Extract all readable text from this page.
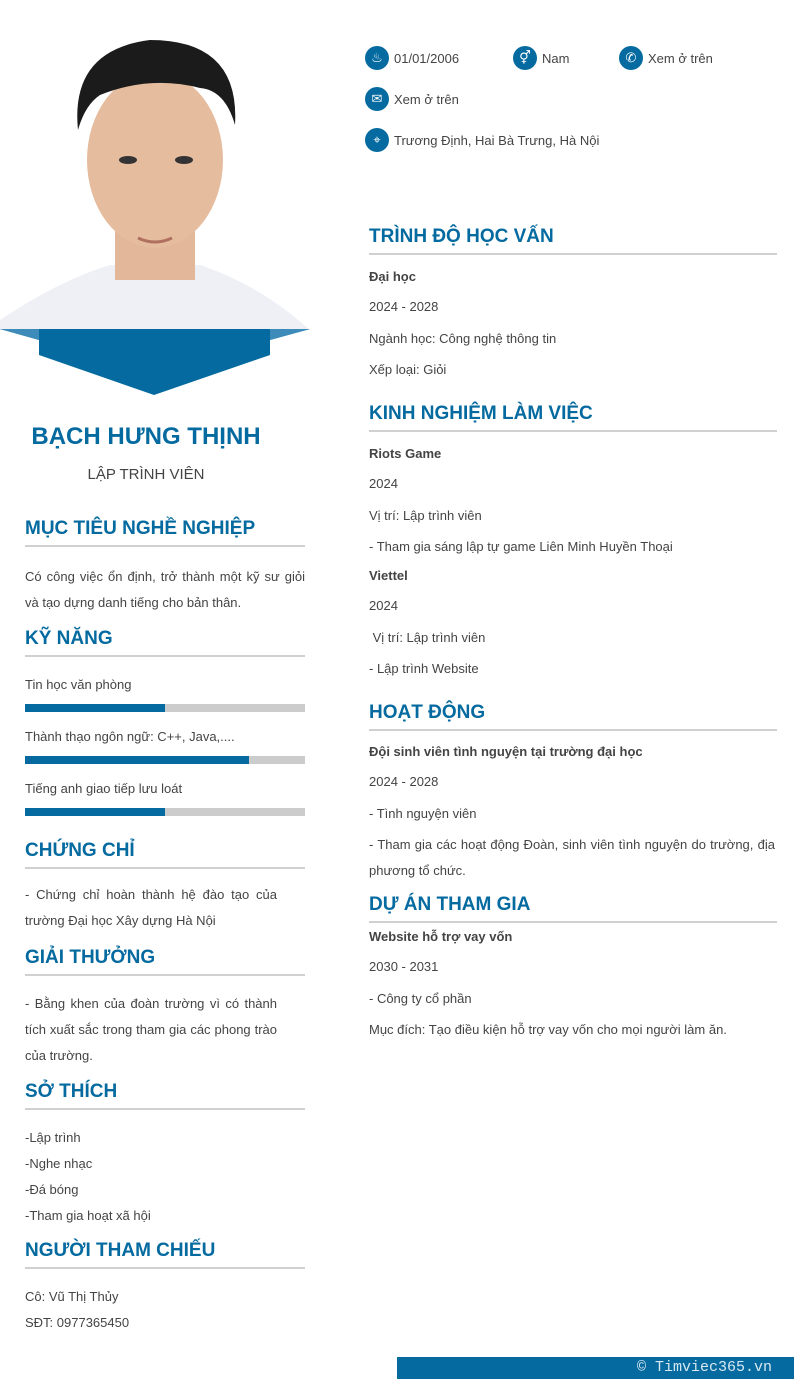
BẠCH HƯNG THỊNH
LẬP TRÌNH VIÊN
♨ 01/01/2006	⚥ Nam	✆ Xem ở trên
✉ Xem ở trên
⌖	Trương Định, Hai Bà Trưng, Hà Nội
MỤC TIÊU NGHỀ NGHIỆP
Có công việc ổn định, trở thành một kỹ sư giỏi và tạo dựng danh tiếng cho bản thân.
KỸ NĂNG
Tin học văn phòng
Thành thạo ngôn ngữ: C++, Java,....
Tiếng anh giao tiếp lưu loát
CHỨNG CHỈ
- Chứng chỉ hoàn thành hệ đào tạo của trường Đại học Xây dựng Hà Nội
GIẢI THƯỞNG
- Bằng khen của đoàn trường vì có thành tích xuất sắc trong tham gia các phong trào của trường.
SỞ THÍCH
-Lập trình
-Nghe nhạc
-Đá bóng
-Tham gia hoạt xã hội
NGƯỜI THAM CHIẾU
Cô: Vũ Thị Thủy
SĐT: 0977365450
TRÌNH ĐỘ HỌC VẤN
Đại học
2024 - 2028
Ngành học: Công nghệ thông tin
Xếp loại: Giỏi
KINH NGHIỆM LÀM VIỆC
Riots Game
2024
Vị trí: Lập trình viên
- Tham gia sáng lập tự game Liên Minh Huyền Thoại
Viettel
2024
Vị trí: Lập trình viên
- Lập trình Website
HOẠT ĐỘNG
Đội sinh viên tình nguyện tại trường đại học
2024 - 2028
- Tình nguyện viên
- Tham gia các hoạt động Đoàn, sinh viên tình nguyện do trường, địa phương tổ chức.
DỰ ÁN THAM GIA
Website hỗ trợ vay vốn
2030 - 2031
- Công ty cổ phần
Mục đích: Tạo điều kiện hỗ trợ vay vốn cho mọi người làm ăn.
© Timviec365.vn
